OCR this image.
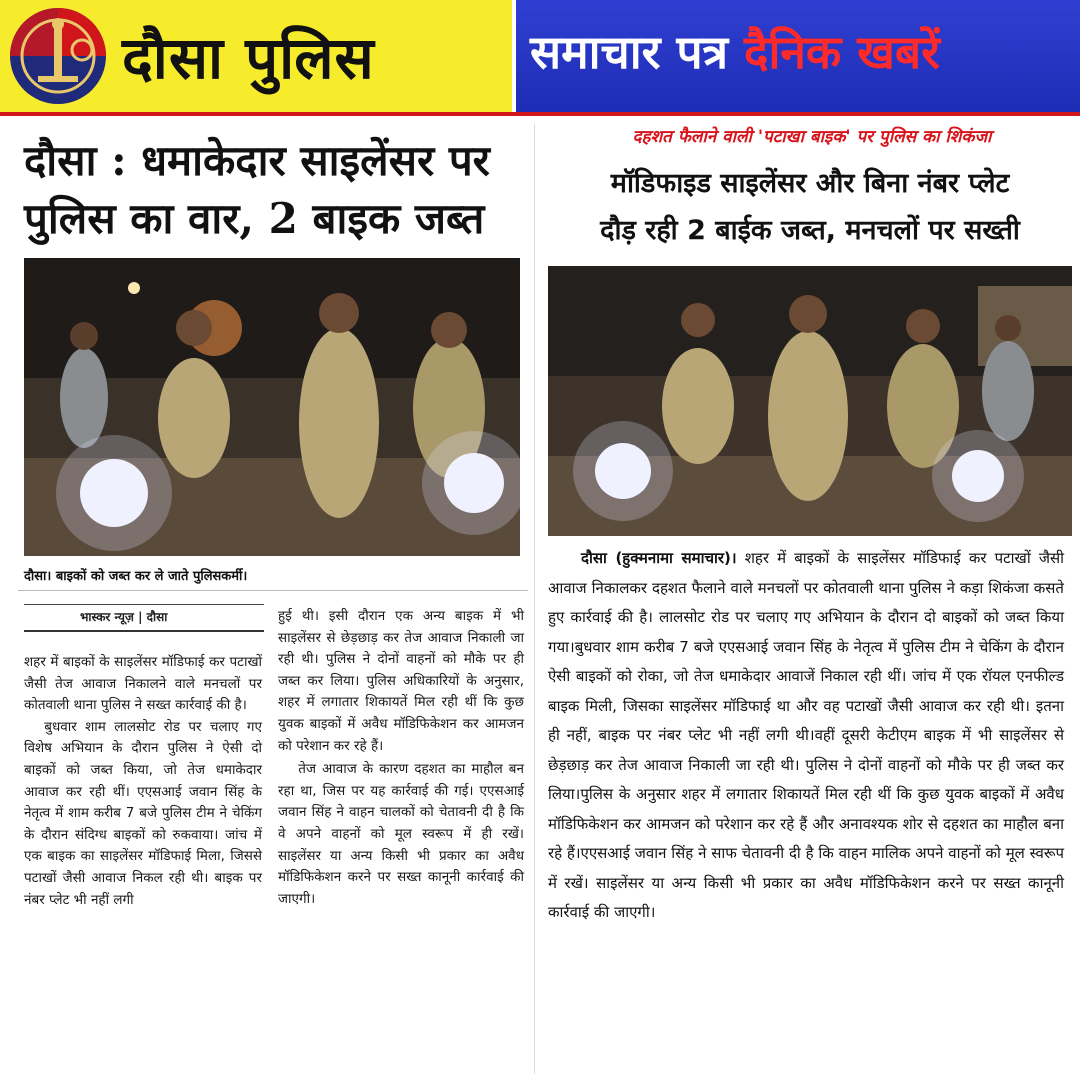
दौसा पुलिस	समाचार पत्र दैनिक खबरें
दौसा : धमाकेदार साइलेंसर पर पुलिस का वार, 2 बाइक जब्त
दौसा। बाइकों को जब्त कर ले जाते पुलिसकर्मी।
भास्कर न्यूज़ | दौसा

शहर में बाइकों के साइलेंसर मॉडिफाई कर पटाखों जैसी तेज आवाज निकालने वाले मनचलों पर कोतवाली थाना पुलिस ने सख्त कार्रवाई की है।

बुधवार शाम लालसोट रोड पर चलाए गए विशेष अभियान के दौरान पुलिस ने ऐसी दो बाइकों को जब्त किया, जो तेज धमाकेदार आवाज कर रही थीं। एएसआई जवान सिंह के नेतृत्व में शाम करीब 7 बजे पुलिस टीम ने चेकिंग के दौरान संदिग्ध बाइकों को रुकवाया। जांच में एक बाइक का साइलेंसर मॉडिफाई मिला, जिससे पटाखों जैसी आवाज निकल रही थी। बाइक पर नंबर प्लेट भी नहीं लगी

हुई थी। इसी दौरान एक अन्य बाइक में भी साइलेंसर से छेड़छाड़ कर तेज आवाज निकाली जा रही थी। पुलिस ने दोनों वाहनों को मौके पर ही जब्त कर लिया। पुलिस अधिकारियों के अनुसार, शहर में लगातार शिकायतें मिल रही थीं कि कुछ युवक बाइकों में अवैध मॉडिफिकेशन कर आमजन को परेशान कर रहे हैं।

तेज आवाज के कारण दहशत का माहौल बन रहा था, जिस पर यह कार्रवाई की गई। एएसआई जवान सिंह ने वाहन चालकों को चेतावनी दी है कि वे अपने वाहनों को मूल स्वरूप में ही रखें। साइलेंसर या अन्य किसी भी प्रकार का अवैध मॉडिफिकेशन करने पर सख्त कानूनी कार्रवाई की जाएगी।

दहशत फैलाने वाली 'पटाखा बाइक' पर पुलिस का शिकंजा
मॉडिफाइड साइलेंसर और बिना नंबर प्लेट
दौड़ रही 2 बाईक जब्त, मनचलों पर सख्ती
दौसा (हुक्मनामा समाचार)। शहर में बाइकों के साइलेंसर मॉडिफाई कर पटाखों जैसी आवाज निकालकर दहशत फैलाने वाले मनचलों पर कोतवाली थाना पुलिस ने कड़ा शिकंजा कसते हुए कार्रवाई की है। लालसोट रोड पर चलाए गए अभियान के दौरान दो बाइकों को जब्त किया गया।बुधवार शाम करीब 7 बजे एएसआई जवान सिंह के नेतृत्व में पुलिस टीम ने चेकिंग के दौरान ऐसी बाइकों को रोका, जो तेज धमाकेदार आवाजें निकाल रही थीं। जांच में एक रॉयल एनफील्ड बाइक मिली, जिसका साइलेंसर मॉडिफाई था और वह पटाखों जैसी आवाज कर रही थी। इतना ही नहीं, बाइक पर नंबर प्लेट भी नहीं लगी थी।वहीं दूसरी केटीएम बाइक में भी साइलेंसर से छेड़छाड़ कर तेज आवाज निकाली जा रही थी। पुलिस ने दोनों वाहनों को मौके पर ही जब्त कर लिया।पुलिस के अनुसार शहर में लगातार शिकायतें मिल रही थीं कि कुछ युवक बाइकों में अवैध मॉडिफिकेशन कर आमजन को परेशान कर रहे हैं और अनावश्यक शोर से दहशत का माहौल बना रहे हैं।एएसआई जवान सिंह ने साफ चेतावनी दी है कि वाहन मालिक अपने वाहनों को मूल स्वरूप में रखें। साइलेंसर या अन्य किसी भी प्रकार का अवैध मॉडिफिकेशन करने पर सख्त कानूनी कार्रवाई की जाएगी।
